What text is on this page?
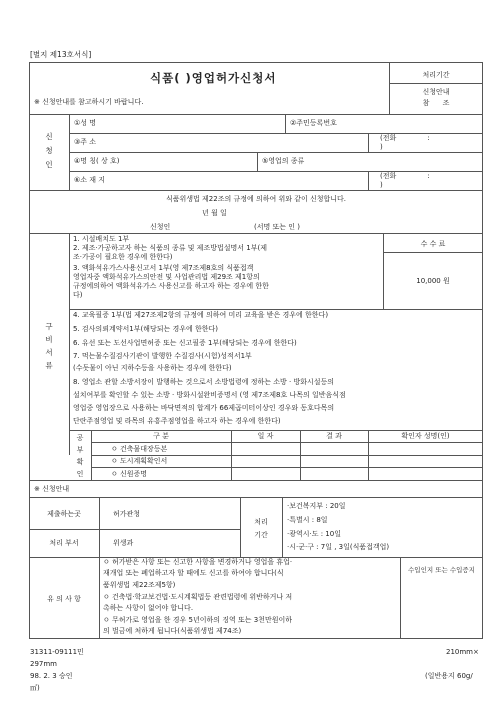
[별지 제13호서식]
식품( )영업허가신청서	처리기간
신청안내
참      조
※ 신청안내를 참고하시기 바랍니다.
신
청
인
①성 명	②주민등록번호
③주 소	(전화              :
)
④명 칭( 상 호)	⑤영업의 종류
⑥소 재 지	(전화              :
)
식품위생법 제22조의 규정에 의하여 위와 같이 신청합니다.
년 월 일
신청인	(서명 또는 인 )
구
비
서
류
수 수 료
10,000 원
1. 시설배치도 1부
2. 제조·가공하고자 하는 식품의 종류 및 제조방법설명서 1부(제
조·가공이 필요한 경우에 한한다)
3. 액화석유가스사용신고서 1부(영 제7조제8호의 식품접객
영업자중 액화석유가스의안전 및 사업관리법 제29조 제1항의
규정에의하여 액화석유가스 사용신고를 하고자 하는 경우에 한한
다)
4. 교육필증 1부(법 제27조제2항의 규정에 의하여 미리 교육을 받은 경우에 한한다)
5. 검사의뢰계약서1부(해당되는 경우에 한한다)
6. 유선 또는 도선사업면허증 또는 신고필증 1부(해당되는 경우에 한한다)
7. 먹는물수질검사기관이 발행한 수질검사(시험)성적서1부
(수돗물이 아닌 지하수등을 사용하는 경우에 한한다)
8. 영업소 관할 소방서장이 발행하는 것으로서 소방법령에 정하는 소방 · 방화시설등의
설치여부를 확인할 수 있는 소방 · 방화시설완비증명서 (영 제7조제8호 나목의 일반음식점
영업중 영업장으로 사용하는 바닥면적의 합계가 66제곱미터이상인 경우와 동호다목의
단란주점영업 및 라목의 유흥주점영업을 하고자 하는 경우에 한한다)
공
부
확
인
구 분	일 자	결 과	확인자 성명(인)
ㅇ 건축물대장등본
ㅇ 도시계획확인서
ㅇ 신원증명
※ 신청안내
제출하는곳	허가관청
처리 부서	위생과
처리
기간
·보건복지부 : 20일
·특별시 : 8일
·광역시·도 : 10일
·시·군·구 : 7일 , 3일(식품접객업)
유 의 사 항
ㅇ 허가받은 사항 또는 신고한 사항을 변경하거나 영업을 휴업·
재개업 또는 폐업하고자 할 때에도 신고를 하여야 합니다(식
품위생법 제22조제5항)
ㅇ 건축법·학교보건법·도시계획법등 관련법령에 위반하거나 저
촉하는 사항이 없어야 합니다.
ㅇ 무허가로 영업을 한 경우 5년이하의 징역 또는 3천만원이하
의 벌금에 처하게 됩니다(식품위생법 제74조)
수입인지 또는 수입증지
31311-09111민	210mm×
297mm
98. 2. 3 승인	(일반용지 60g/
㎡)
